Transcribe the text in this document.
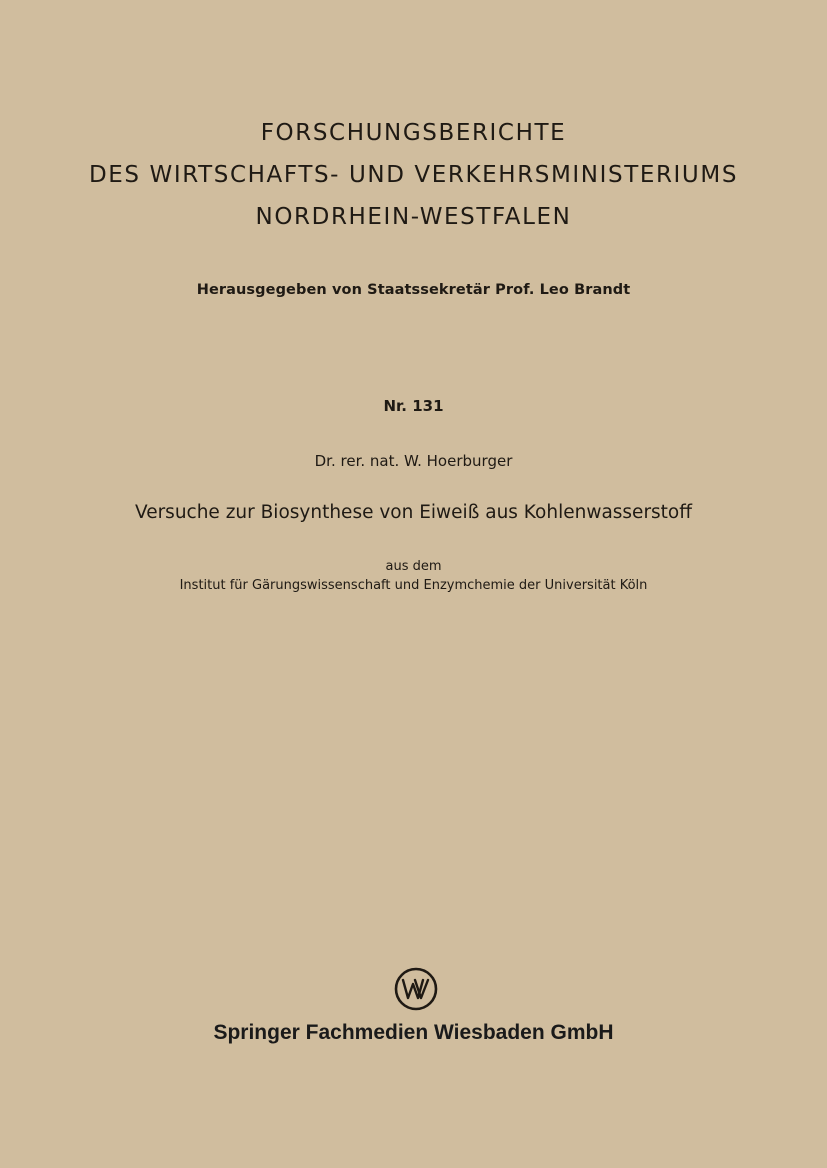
FORSCHUNGSBERICHTE
DES WIRTSCHAFTS- UND VERKEHRSMINISTERIUMS
NORDRHEIN-WESTFALEN
Herausgegeben von Staatssekretär Prof. Leo Brandt
Nr. 131
Dr. rer. nat. W. Hoerburger
Versuche zur Biosynthese von Eiweiß aus Kohlenwasserstoff
aus dem
Institut für Gärungswissenschaft und Enzymchemie der Universität Köln
Springer Fachmedien Wiesbaden GmbH
